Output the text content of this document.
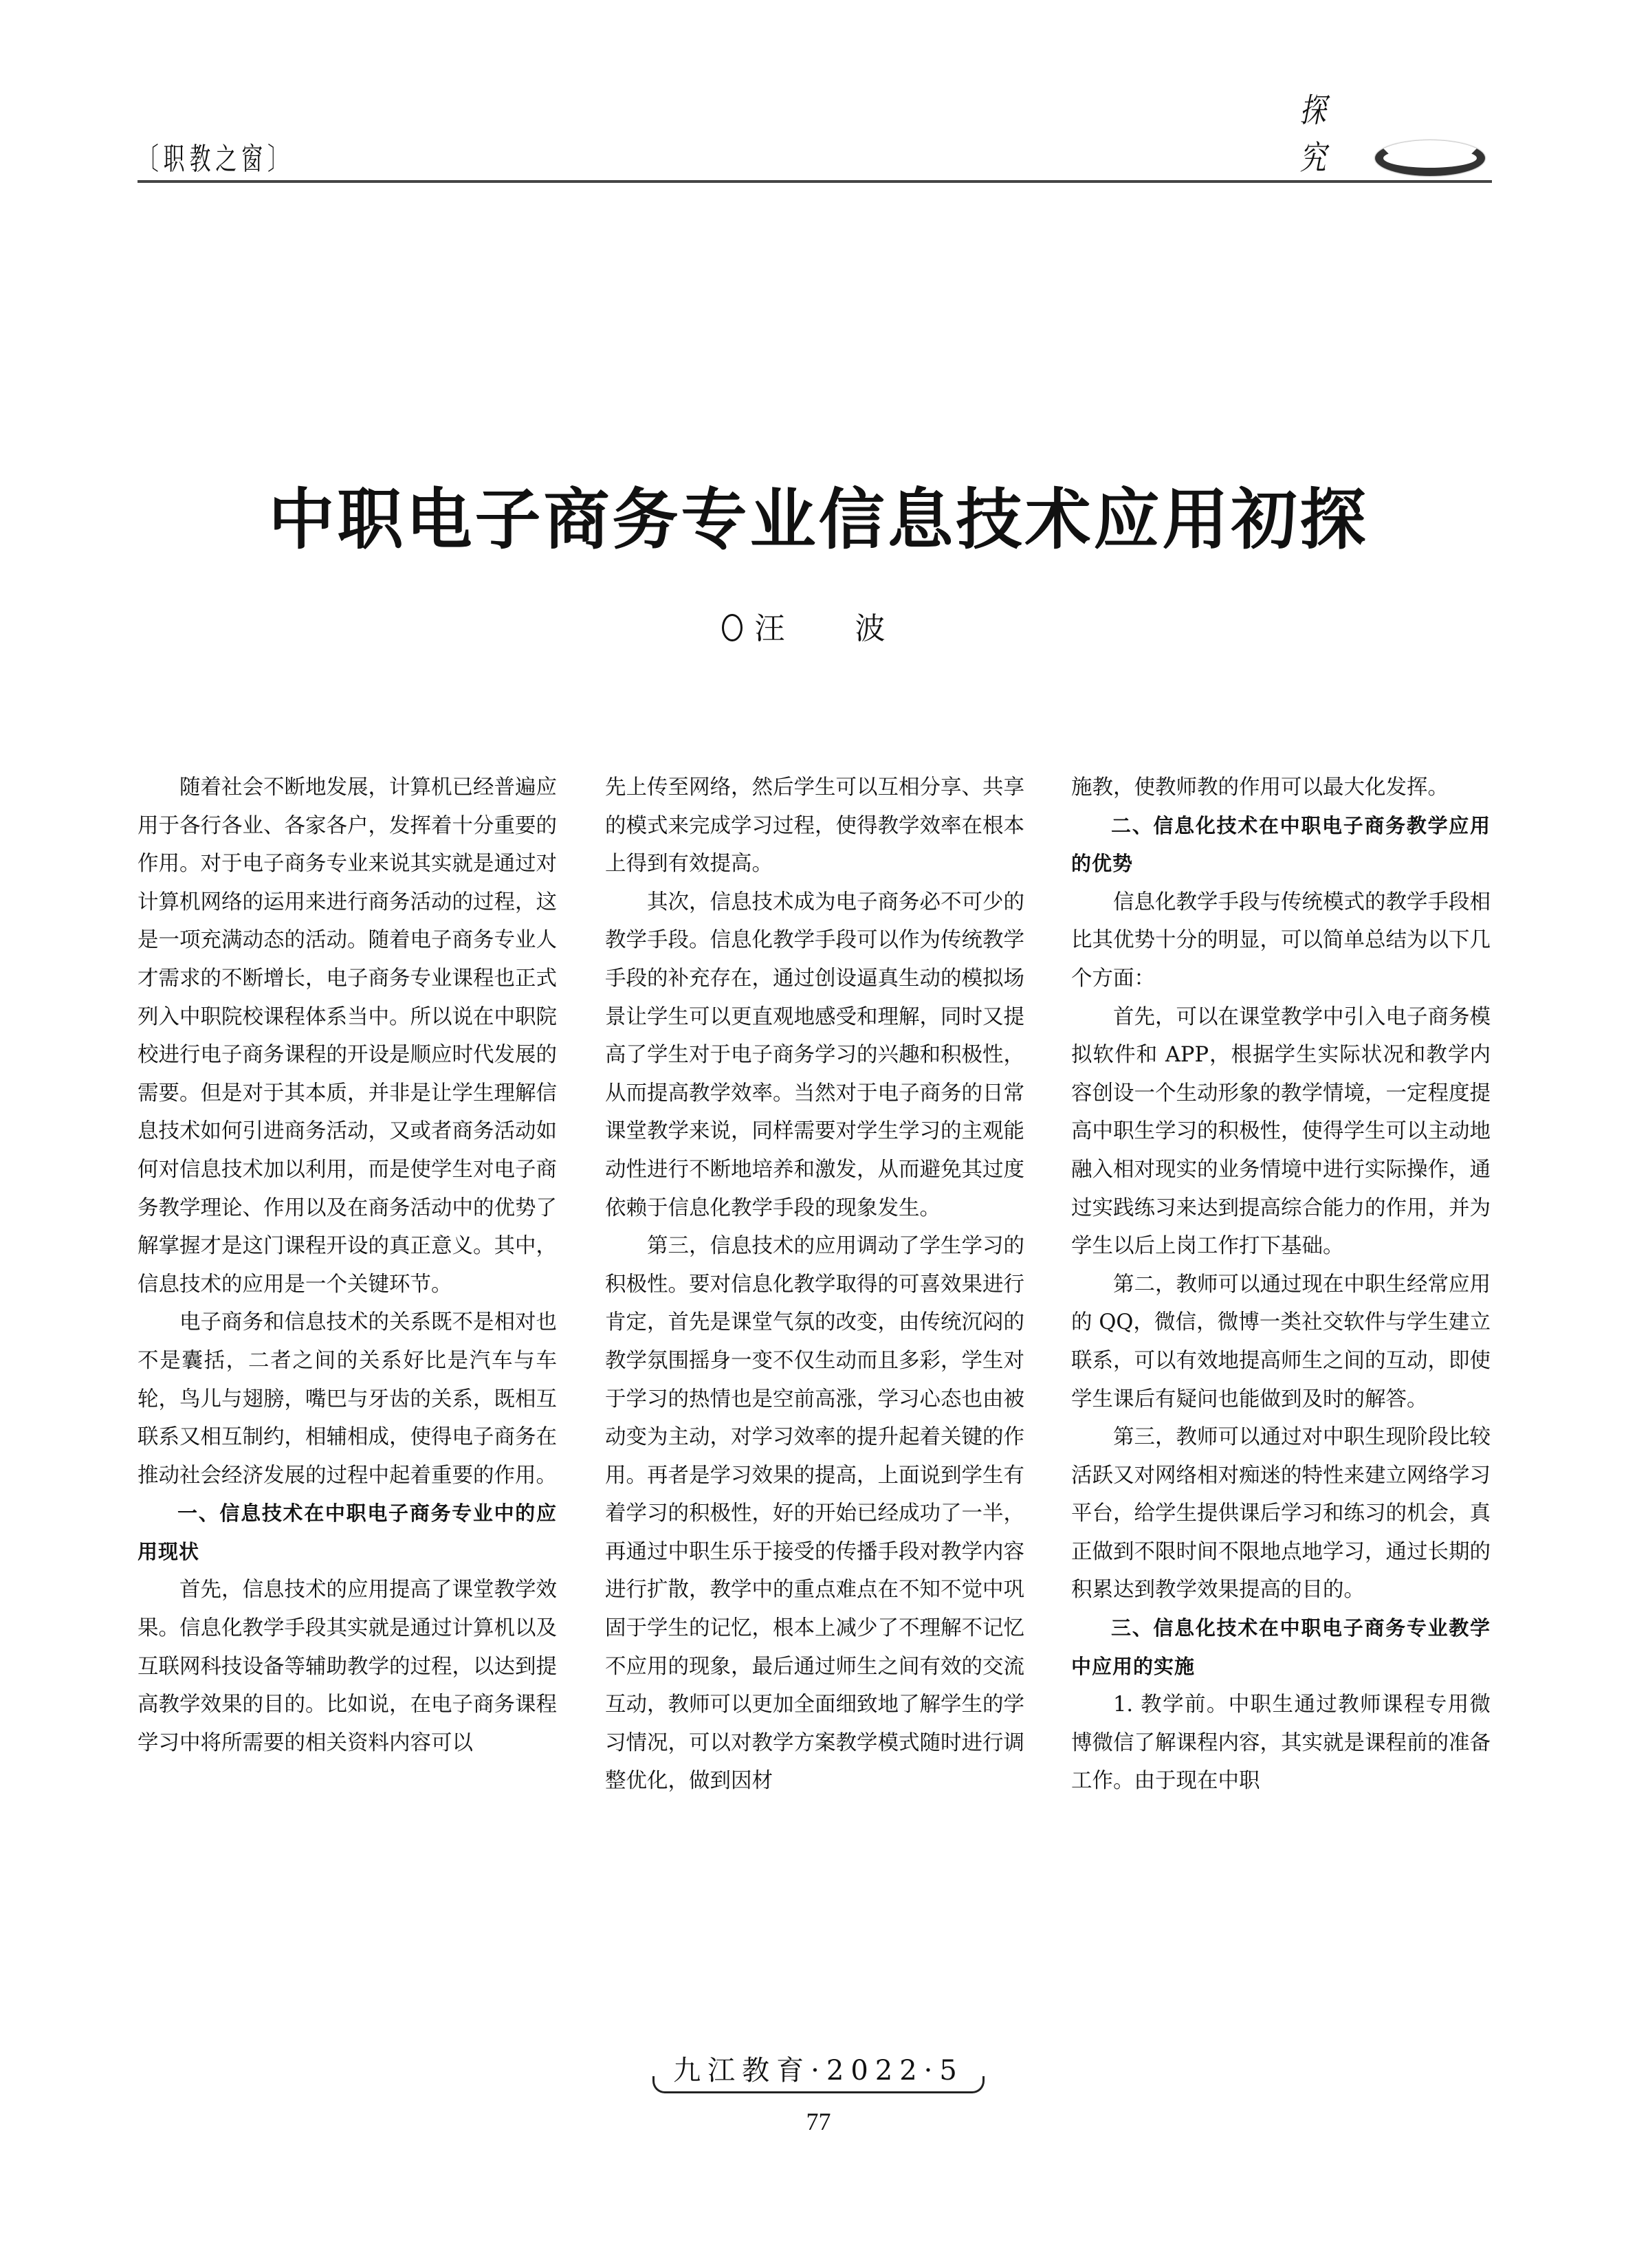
〔职教之窗〕
探究
中职电子商务专业信息技术应用初探
汪 波

随着社会不断地发展，计算机已经普遍应用于各行各业、各家各户，发挥着十分重要的作用。对于电子商务专业来说其实就是通过对计算机网络的运用来进行商务活动的过程，这是一项充满动态的活动。随着电子商务专业人才需求的不断增长，电子商务专业课程也正式列入中职院校课程体系当中。所以说在中职院校进行电子商务课程的开设是顺应时代发展的需要。但是对于其本质，并非是让学生理解信息技术如何引进商务活动，又或者商务活动如何对信息技术加以利用，而是使学生对电子商务教学理论、作用以及在商务活动中的优势了解掌握才是这门课程开设的真正意义。其中，信息技术的应用是一个关键环节。

电子商务和信息技术的关系既不是相对也不是囊括，二者之间的关系好比是汽车与车轮，鸟儿与翅膀，嘴巴与牙齿的关系，既相互联系又相互制约，相辅相成，使得电子商务在推动社会经济发展的过程中起着重要的作用。

一、信息技术在中职电子商务专业中的应用现状

首先，信息技术的应用提高了课堂教学效果。信息化教学手段其实就是通过计算机以及互联网科技设备等辅助教学的过程，以达到提高教学效果的目的。比如说，在电子商务课程学习中将所需要的相关资料内容可以

先上传至网络，然后学生可以互相分享、共享的模式来完成学习过程，使得教学效率在根本上得到有效提高。

其次，信息技术成为电子商务必不可少的教学手段。信息化教学手段可以作为传统教学手段的补充存在，通过创设逼真生动的模拟场景让学生可以更直观地感受和理解，同时又提高了学生对于电子商务学习的兴趣和积极性，从而提高教学效率。当然对于电子商务的日常课堂教学来说，同样需要对学生学习的主观能动性进行不断地培养和激发，从而避免其过度依赖于信息化教学手段的现象发生。

第三，信息技术的应用调动了学生学习的积极性。要对信息化教学取得的可喜效果进行肯定，首先是课堂气氛的改变，由传统沉闷的教学氛围摇身一变不仅生动而且多彩，学生对于学习的热情也是空前高涨，学习心态也由被动变为主动，对学习效率的提升起着关键的作用。再者是学习效果的提高，上面说到学生有着学习的积极性，好的开始已经成功了一半，再通过中职生乐于接受的传播手段对教学内容进行扩散，教学中的重点难点在不知不觉中巩固于学生的记忆，根本上减少了不理解不记忆不应用的现象，最后通过师生之间有效的交流互动，教师可以更加全面细致地了解学生的学习情况，可以对教学方案教学模式随时进行调整优化，做到因材

施教，使教师教的作用可以最大化发挥。

二、信息化技术在中职电子商务教学应用的优势

信息化教学手段与传统模式的教学手段相比其优势十分的明显，可以简单总结为以下几个方面：

首先，可以在课堂教学中引入电子商务模拟软件和 APP，根据学生实际状况和教学内容创设一个生动形象的教学情境，一定程度提高中职生学习的积极性，使得学生可以主动地融入相对现实的业务情境中进行实际操作，通过实践练习来达到提高综合能力的作用，并为学生以后上岗工作打下基础。

第二，教师可以通过现在中职生经常应用的 QQ，微信，微博一类社交软件与学生建立联系，可以有效地提高师生之间的互动，即使学生课后有疑问也能做到及时的解答。

第三，教师可以通过对中职生现阶段比较活跃又对网络相对痴迷的特性来建立网络学习平台，给学生提供课后学习和练习的机会，真正做到不限时间不限地点地学习，通过长期的积累达到教学效果提高的目的。

三、信息化技术在中职电子商务专业教学中应用的实施

1. 教学前。中职生通过教师课程专用微博微信了解课程内容，其实就是课程前的准备工作。由于现在中职

九江教育·2022·5
77
